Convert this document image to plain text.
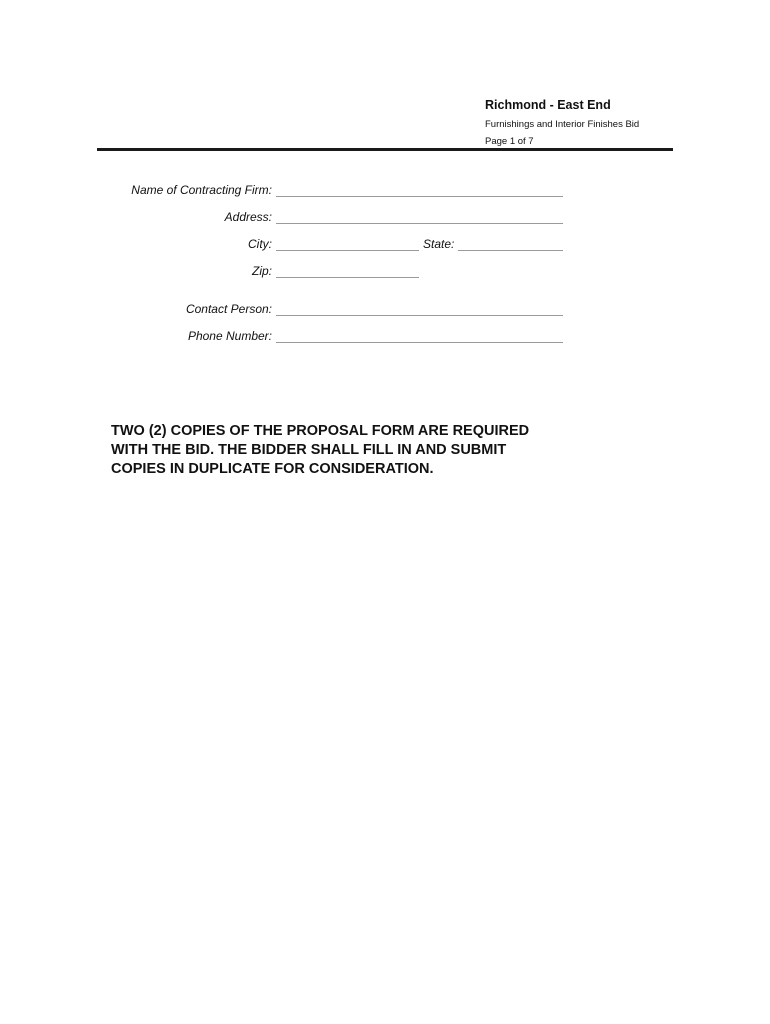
Richmond - East End
Furnishings and Interior Finishes Bid
Page 1 of 7
Name of Contracting Firm:
Address:
City:	State:
Zip:
Contact Person:
Phone Number:
TWO (2) COPIES OF THE PROPOSAL FORM ARE REQUIRED
WITH THE BID. THE BIDDER SHALL FILL IN AND SUBMIT
COPIES IN DUPLICATE FOR CONSIDERATION.
